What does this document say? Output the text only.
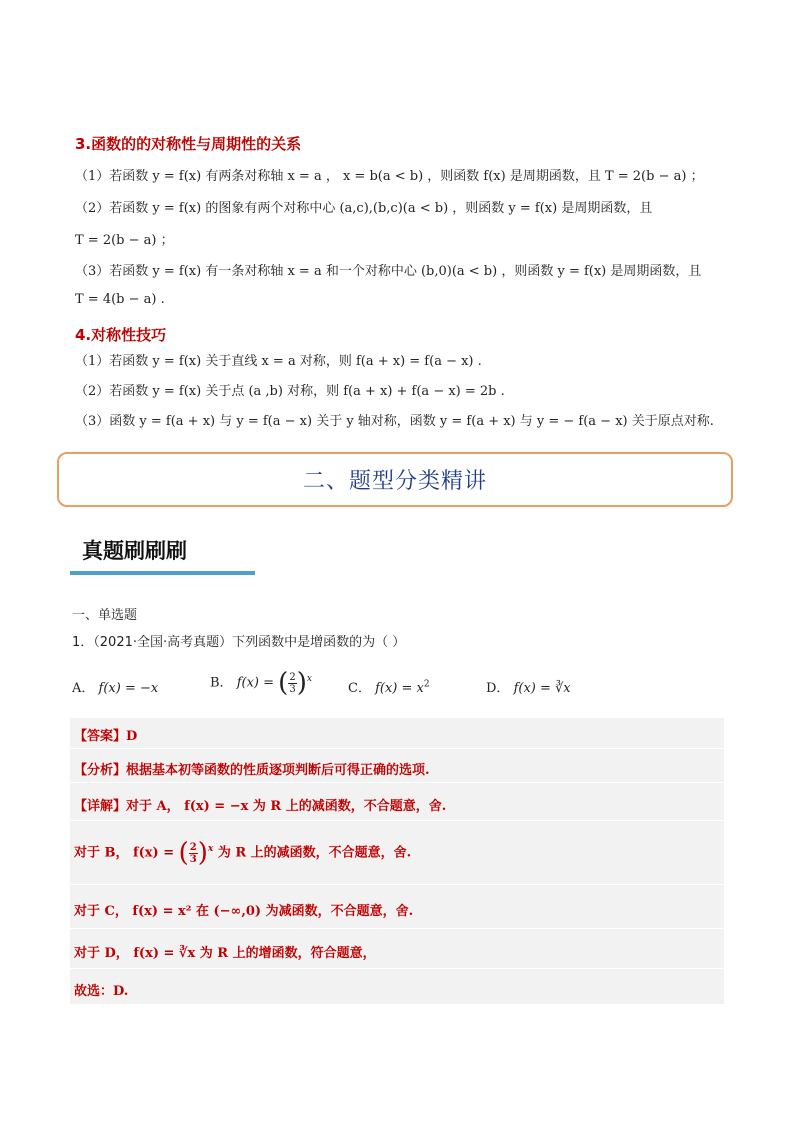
3.函数的的对称性与周期性的关系
（1）若函数 y = f(x) 有两条对称轴 x = a ， x = b(a < b) ，则函数 f(x) 是周期函数，且 T = 2(b − a) ；
（2）若函数 y = f(x) 的图象有两个对称中心 (a,c),(b,c)(a < b) ，则函数 y = f(x) 是周期函数，且
T = 2(b − a) ；
（3）若函数 y = f(x) 有一条对称轴 x = a 和一个对称中心 (b,0)(a < b) ，则函数 y = f(x) 是周期函数，且
T = 4(b − a) .
4.对称性技巧
（1）若函数 y = f(x) 关于直线 x = a 对称，则 f(a + x) = f(a − x) .
（2）若函数 y = f(x) 关于点 (a ,b) 对称，则 f(a + x) + f(a − x) = 2b .
（3）函数 y = f(a + x) 与 y = f(a − x) 关于 y 轴对称，函数 y = f(a + x) 与 y = − f(a − x) 关于原点对称.
二、题型分类精讲
真题刷刷刷
一、单选题
1．（2021·全国·高考真题）下列函数中是增函数的为（ ）
A． f(x) = −x	B． f(x) = ( $\frac{2}{3} )^x$
C． $f(x) = x^2$	D． f(x) = ∛x
【答案】D
【分析】根据基本初等函数的性质逐项判断后可得正确的选项.
【详解】对于 A， f(x) = −x 为 R 上的减函数，不合题意，舍.
对于 B， f(x) = ( $\frac{2}{3} )^x$ 为 R 上的减函数，不合题意，舍.
对于 C， f(x) = x² 在 (−∞,0) 为减函数，不合题意，舍.
对于 D， f(x) = ∛x 为 R 上的增函数，符合题意，
故选：D.
